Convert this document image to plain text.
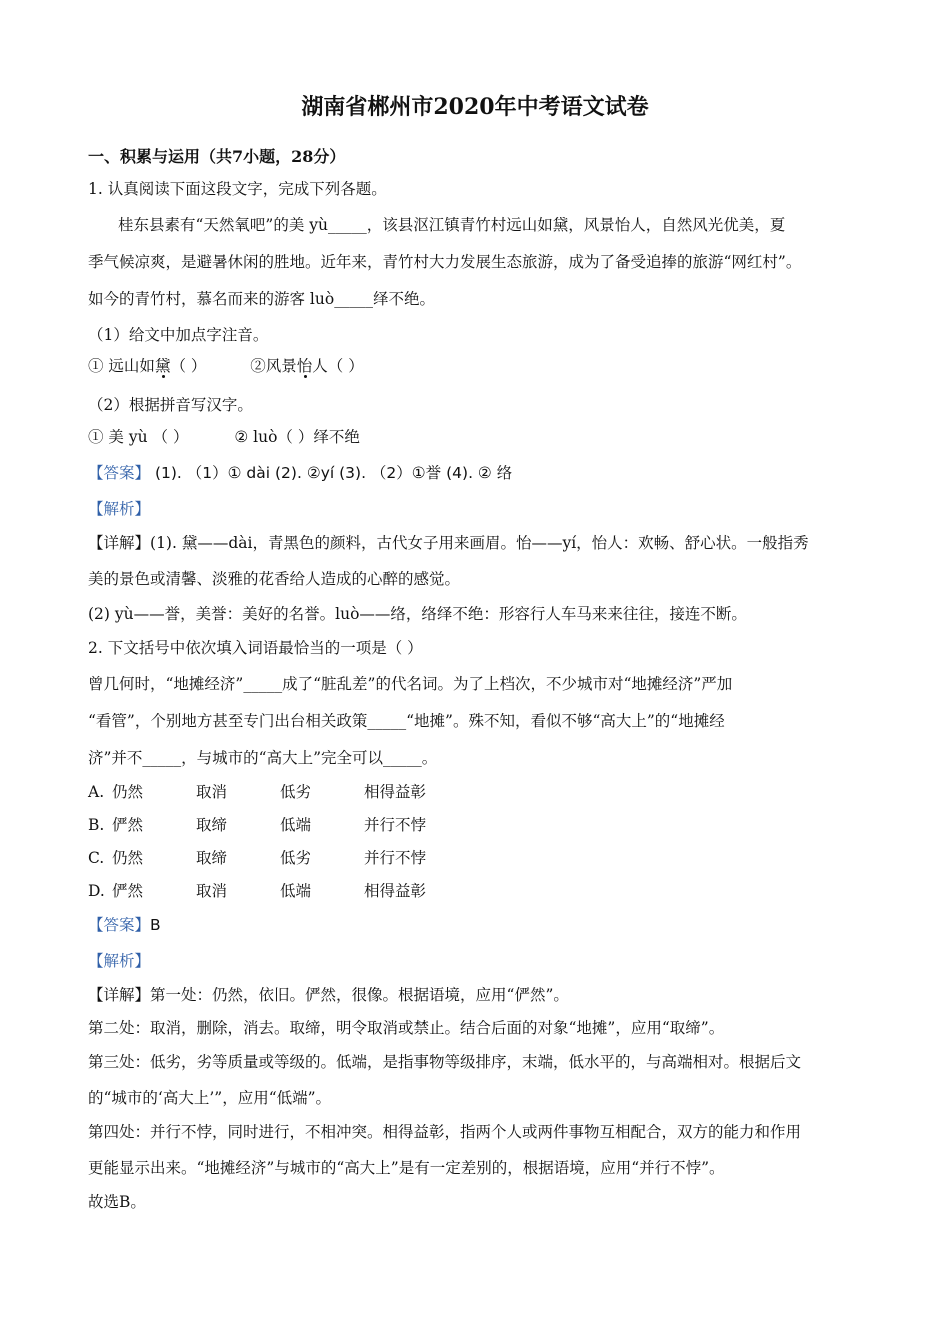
湖南省郴州市2020年中考语文试卷
一、积累与运用（共7小题，28分）
1. 认真阅读下面这段文字，完成下列各题。
桂东县素有“天然氧吧”的美 yù_____，该县沤江镇青竹村远山如黛，风景怡人，自然风光优美，夏
季气候凉爽，是避暑休闲的胜地。近年来，青竹村大力发展生态旅游，成为了备受追捧的旅游“网红村”。
如今的青竹村，慕名而来的游客 luò_____绎不绝。
（1）给文中加点字注音。
① 远山如黛（ ）	②风景怡人（ ）
（2）根据拼音写汉字。
① 美 yù （ ）	② luò（ ）绎不绝
【答案】 (1). （1）① dài (2). ②yí (3). （2）①誉 (4). ② 络
【解析】
【详解】(1). 黛——dài，青黑色的颜料，古代女子用来画眉。怡——yí，怡人：欢畅、舒心状。一般指秀
美的景色或清馨、淡雅的花香给人造成的心醉的感觉。
(2) yù——誉，美誉：美好的名誉。luò——络，络绎不绝：形容行人车马来来往往，接连不断。
2. 下文括号中依次填入词语最恰当的一项是（ ）
曾几何时，“地摊经济”_____成了“脏乱差”的代名词。为了上档次，不少城市对“地摊经济”严加
“看管”，个别地方甚至专门出台相关政策_____“地摊”。殊不知，看似不够“高大上”的“地摊经
济”并不_____，与城市的“高大上”完全可以_____。
A. 仍然	取消	低劣	相得益彰
B. 俨然	取缔	低端	并行不悖
C. 仍然	取缔	低劣	并行不悖
D. 俨然	取消	低端	相得益彰
【答案】B
【解析】
【详解】第一处：仍然，依旧。俨然，很像。根据语境，应用“俨然”。
第二处：取消，删除，消去。取缔，明令取消或禁止。结合后面的对象“地摊”，应用“取缔”。
第三处：低劣，劣等质量或等级的。低端，是指事物等级排序，末端，低水平的，与高端相对。根据后文
的“城市的‘高大上’”，应用“低端”。
第四处：并行不悖，同时进行，不相冲突。相得益彰，指两个人或两件事物互相配合，双方的能力和作用
更能显示出来。“地摊经济”与城市的“高大上”是有一定差别的，根据语境，应用“并行不悖”。
故选B。
